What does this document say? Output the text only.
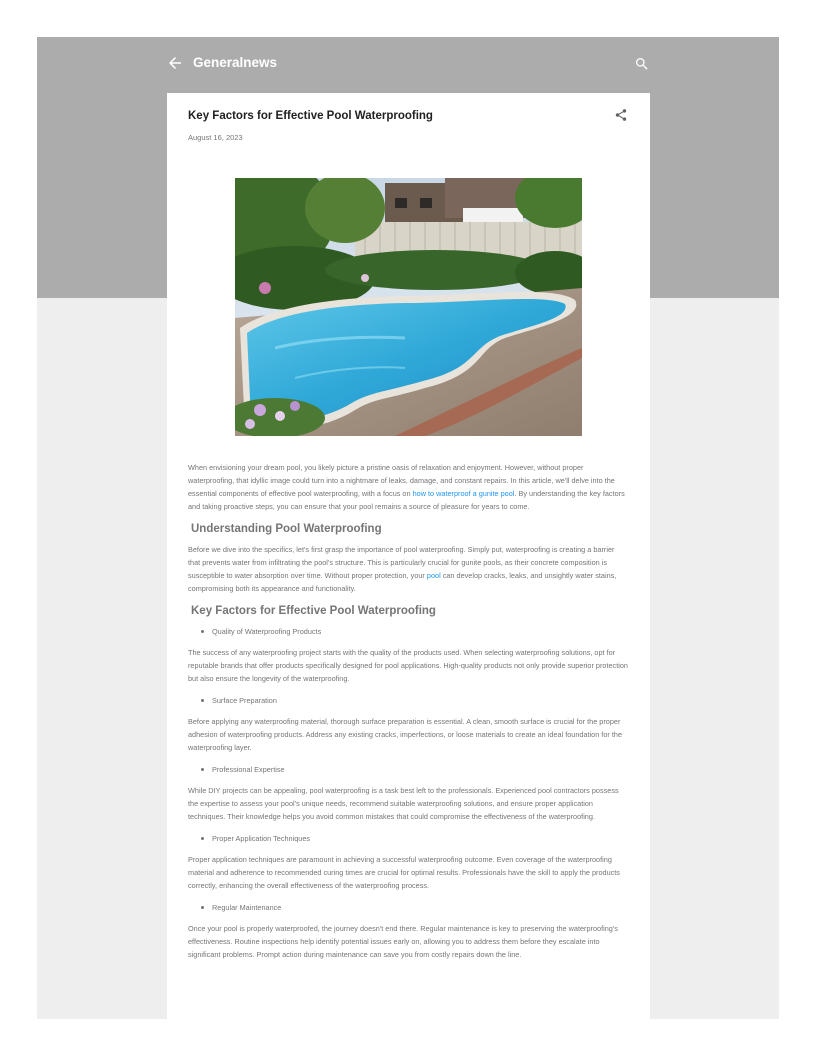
Generalnews
Key Factors for Effective Pool Waterproofing
August 16, 2023

When envisioning your dream pool, you likely picture a pristine oasis of relaxation and enjoyment. However, without proper waterproofing, that idyllic image could turn into a nightmare of leaks, damage, and constant repairs. In this article, we'll delve into the essential components of effective pool waterproofing, with a focus on how to waterproof a gunite pool. By understanding the key factors and taking proactive steps, you can ensure that your pool remains a source of pleasure for years to come.

Understanding Pool Waterproofing

Before we dive into the specifics, let's first grasp the importance of pool waterproofing. Simply put, waterproofing is creating a barrier that prevents water from infiltrating the pool's structure. This is particularly crucial for gunite pools, as their concrete composition is susceptible to water absorption over time. Without proper protection, your pool can develop cracks, leaks, and unsightly water stains, compromising both its appearance and functionality.

Key Factors for Effective Pool Waterproofing
Quality of Waterproofing Products

The success of any waterproofing project starts with the quality of the products used. When selecting waterproofing solutions, opt for reputable brands that offer products specifically designed for pool applications. High-quality products not only provide superior protection but also ensure the longevity of the waterproofing.

Surface Preparation

Before applying any waterproofing material, thorough surface preparation is essential. A clean, smooth surface is crucial for the proper adhesion of waterproofing products. Address any existing cracks, imperfections, or loose materials to create an ideal foundation for the waterproofing layer.

Professional Expertise

While DIY projects can be appealing, pool waterproofing is a task best left to the professionals. Experienced pool contractors possess the expertise to assess your pool's unique needs, recommend suitable waterproofing solutions, and ensure proper application techniques. Their knowledge helps you avoid common mistakes that could compromise the effectiveness of the waterproofing.

Proper Application Techniques

Proper application techniques are paramount in achieving a successful waterproofing outcome. Even coverage of the waterproofing material and adherence to recommended curing times are crucial for optimal results. Professionals have the skill to apply the products correctly, enhancing the overall effectiveness of the waterproofing process.

Regular Maintenance

Once your pool is properly waterproofed, the journey doesn't end there. Regular maintenance is key to preserving the waterproofing's effectiveness. Routine inspections help identify potential issues early on, allowing you to address them before they escalate into significant problems. Prompt action during maintenance can save you from costly repairs down the line.
